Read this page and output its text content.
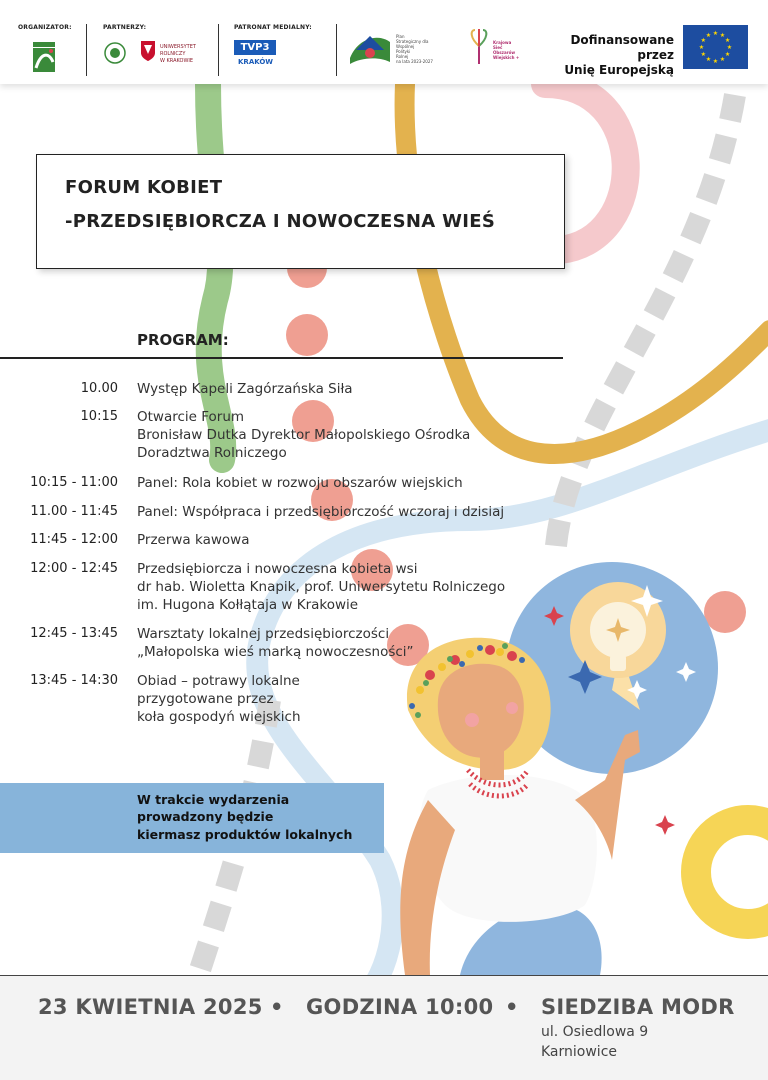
ORGANIZATOR:	PARTNERZY:
UNIWERSYTET
ROLNICZY
W KRAKOWIE
PATRONAT MEDIALNY:
TVP3
KRAKÓW
Plan
Strategiczny dla
Wspólnej
Polityki
Rolnej
na lata 2023-2027
Krajowa
Sieć
Obszarów
Wiejskich +
Dofinansowane przez
Unię Europejską
★
★
★
★
★
★
★
★
★ ★ ★
★
FORUM KOBIET
-PRZEDSIĘBIORCZA I NOWOCZESNA WIEŚ
PROGRAM:
10.00 Występ Kapeli Zagórzańska Siła
10:15 Otwarcie Forum
Bronisław Dutka Dyrektor Małopolskiego Ośrodka
Doradztwa Rolniczego
10:15 - 11:00 Panel: Rola kobiet w rozwoju obszarów wiejskich
11.00 - 11:45 Panel: Współpraca i przedsiębiorczość wczoraj i dzisiaj
11:45 - 12:00 Przerwa kawowa
12:00 - 12:45 Przedsiębiorcza i nowoczesna kobieta wsi
dr hab. Wioletta Knapik, prof. Uniwersytetu Rolniczego
im. Hugona Kołłątaja w Krakowie
12:45 - 13:45 Warsztaty lokalnej przedsiębiorczości
„Małopolska wieś marką nowoczesności”
13:45 - 14:30 Obiad – potrawy lokalne
przygotowane przez
koła gospodyń wiejskich
W trakcie wydarzenia
prowadzony będzie
kiermasz produktów lokalnych
23 KWIETNIA 2025 • GODZINA 10:00 • SIEDZIBA MODR
ul. Osiedlowa 9
Karniowice
